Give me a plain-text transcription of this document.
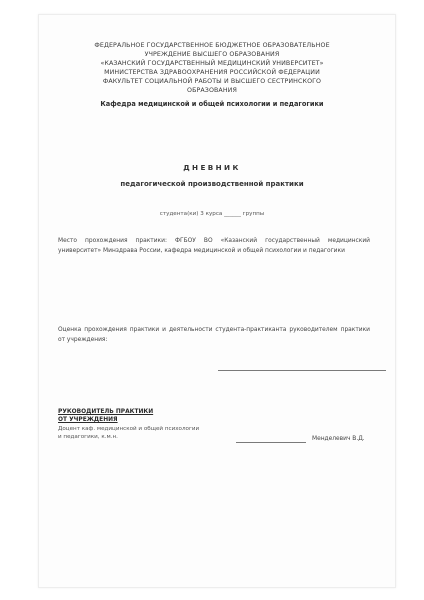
ФЕДЕРАЛЬНОЕ ГОСУДАРСТВЕННОЕ БЮДЖЕТНОЕ ОБРАЗОВАТЕЛЬНОЕ
УЧРЕЖДЕНИЕ ВЫСШЕГО ОБРАЗОВАНИЯ
«КАЗАНСКИЙ ГОСУДАРСТВЕННЫЙ МЕДИЦИНСКИЙ УНИВЕРСИТЕТ»
МИНИСТЕРСТВА ЗДРАВООХРАНЕНИЯ РОССИЙСКОЙ ФЕДЕРАЦИИ
ФАКУЛЬТЕТ СОЦИАЛЬНОЙ РАБОТЫ И ВЫСШЕГО СЕСТРИНСКОГО
ОБРАЗОВАНИЯ
Кафедра медицинской и общей психологии и педагогики
ДНЕВНИК
педагогической производственной практики
студента(ки) 3 курса ______ группы
Место прохождения практики: ФГБОУ ВО «Казанский государственный медицинский университет» Минздрава России, кафедра медицинской и общей психологии и педагогики
Оценка прохождения практики и деятельности студента-практиканта руководителем практики от учреждения:
РУКОВОДИТЕЛЬ ПРАКТИКИ
ОТ УЧРЕЖДЕНИЯ
Доцент каф. медицинской и общей психологии
и педагогики, к.м.н.	Менделевич В.Д.
